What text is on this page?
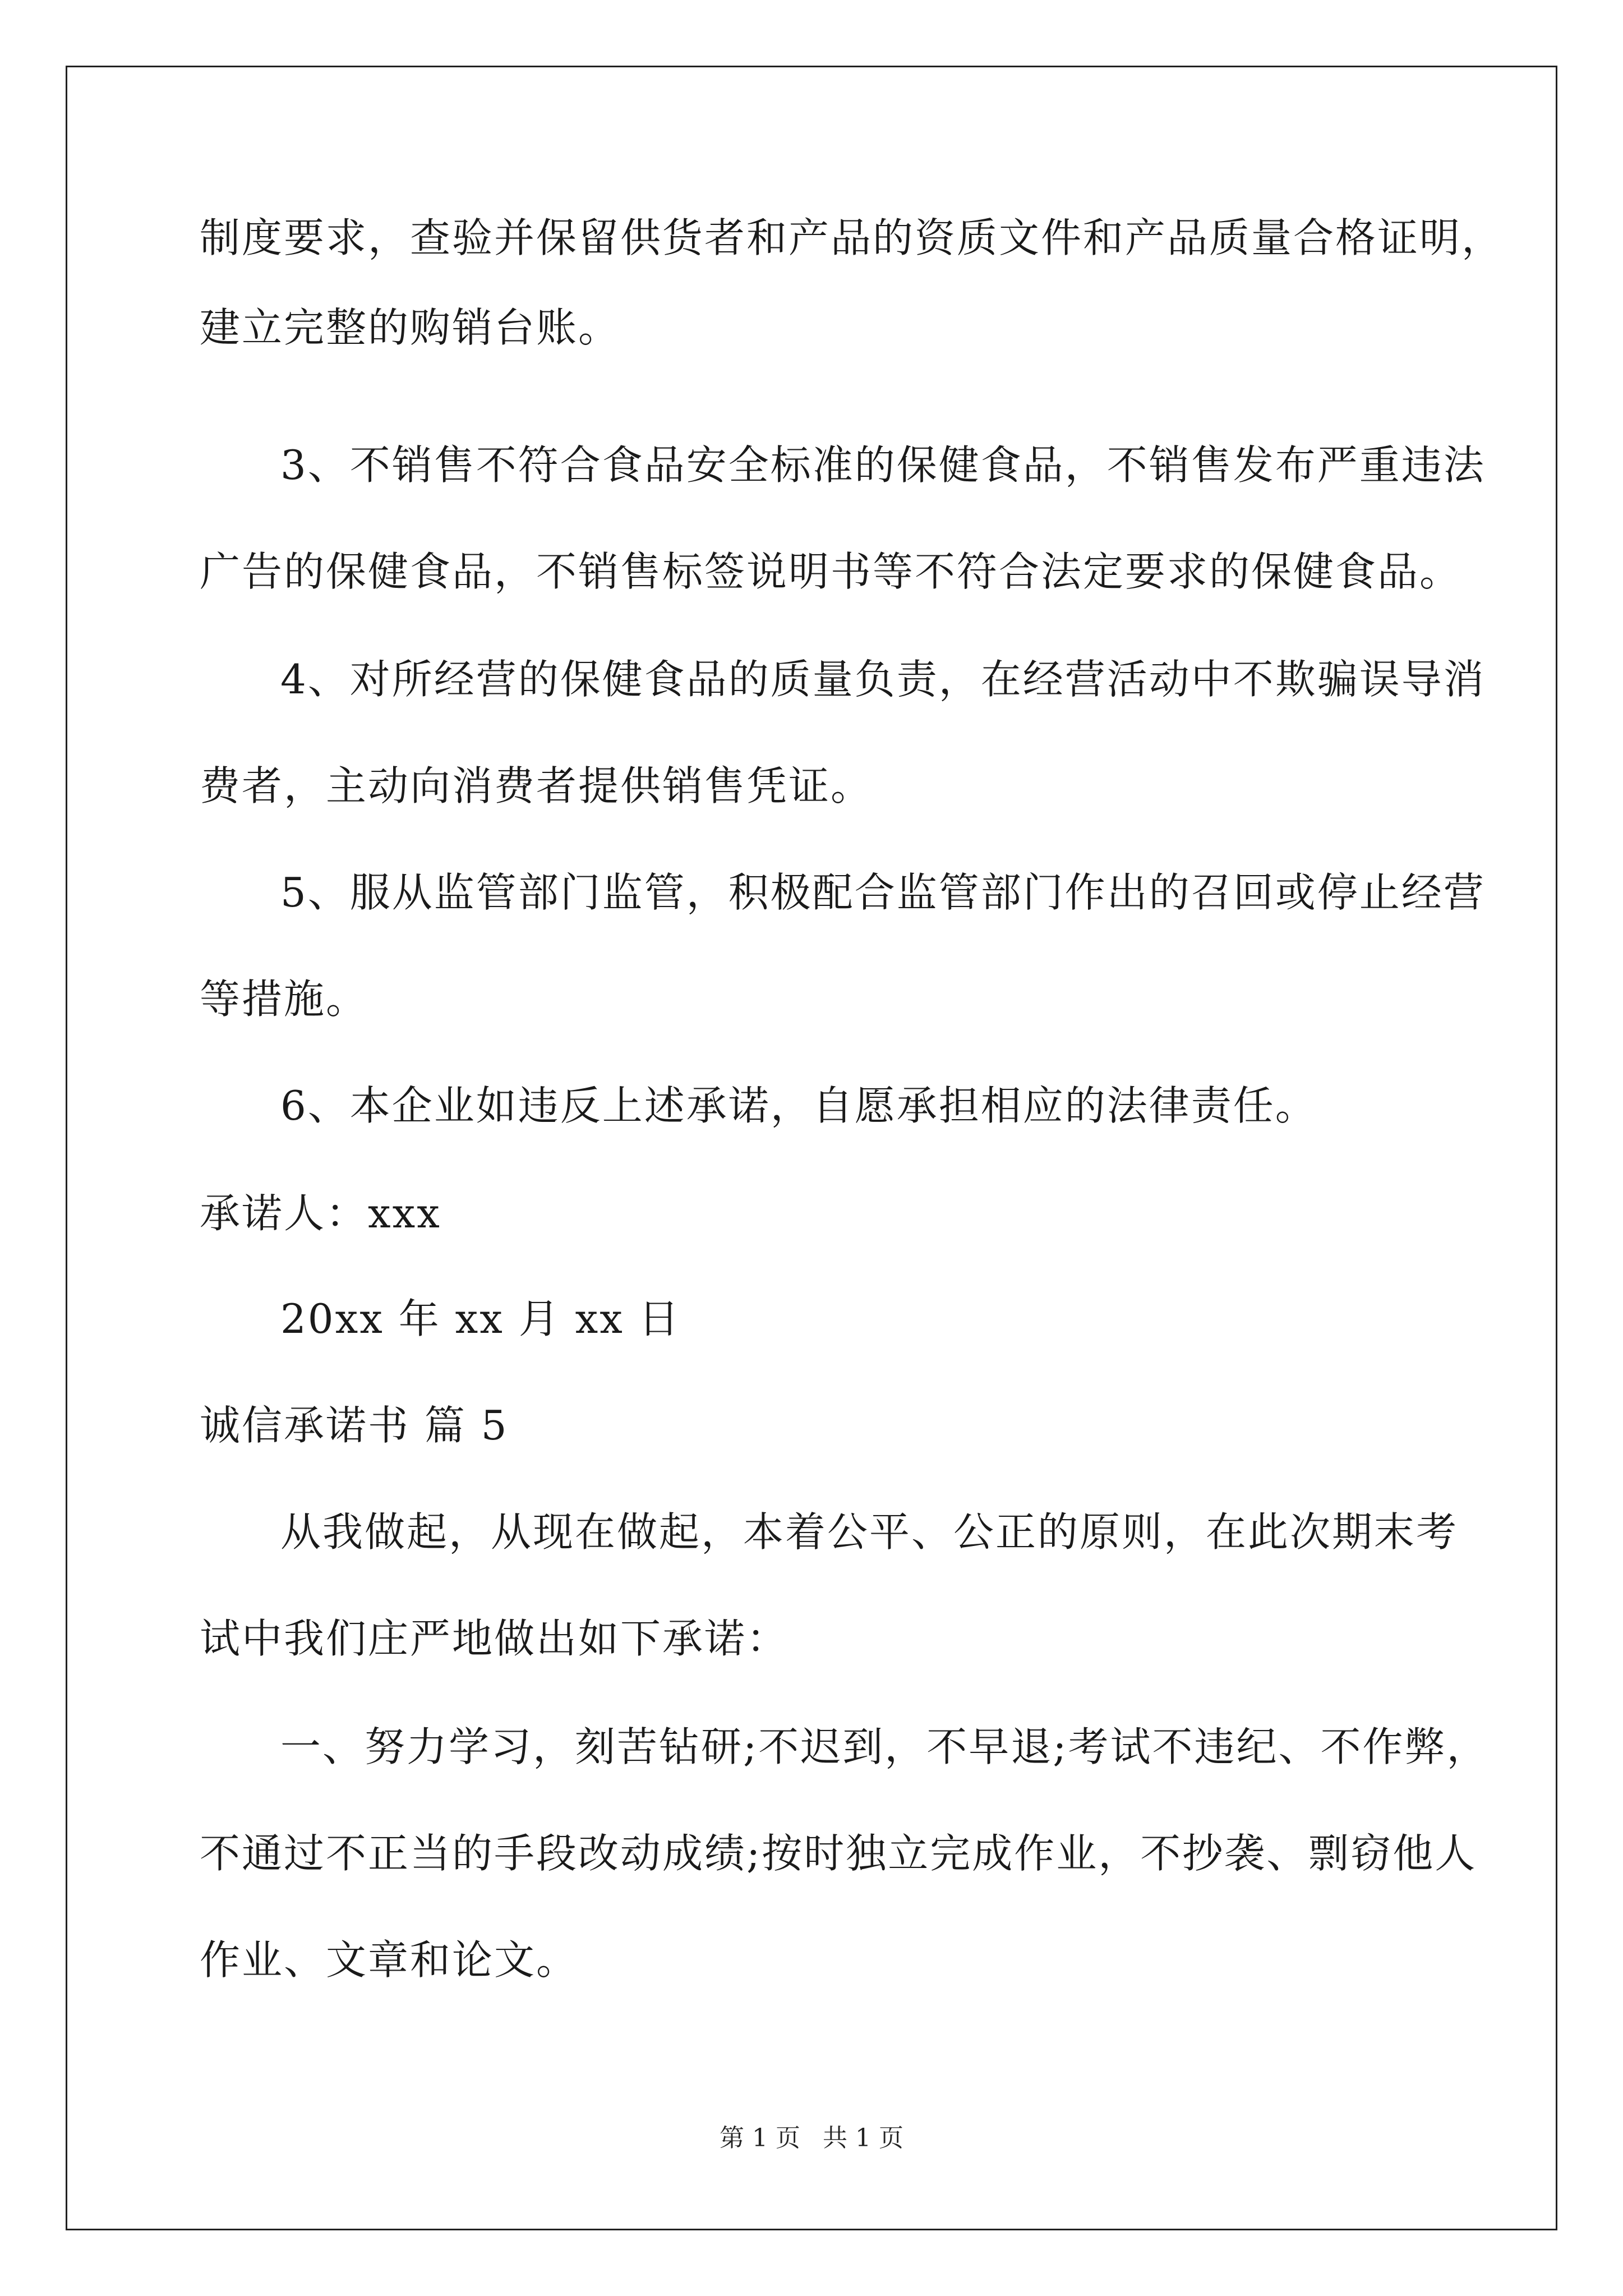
制度要求，查验并保留供货者和产品的资质文件和产品质量合格证明，
建立完整的购销台账。
3、不销售不符合食品安全标准的保健食品，不销售发布严重违法
广告的保健食品，不销售标签说明书等不符合法定要求的保健食品。
4、对所经营的保健食品的质量负责，在经营活动中不欺骗误导消
费者，主动向消费者提供销售凭证。
5、服从监管部门监管，积极配合监管部门作出的召回或停止经营
等措施。
6、本企业如违反上述承诺，自愿承担相应的法律责任。
承诺人：xxx
20xx 年 xx 月 xx 日
诚信承诺书 篇 5
从我做起，从现在做起，本着公平、公正的原则，在此次期末考
试中我们庄严地做出如下承诺：
一、努力学习，刻苦钻研;不迟到，不早退;考试不违纪、不作弊，
不通过不正当的手段改动成绩;按时独立完成作业，不抄袭、剽窃他人
作业、文章和论文。
第 1 页 共 1 页
